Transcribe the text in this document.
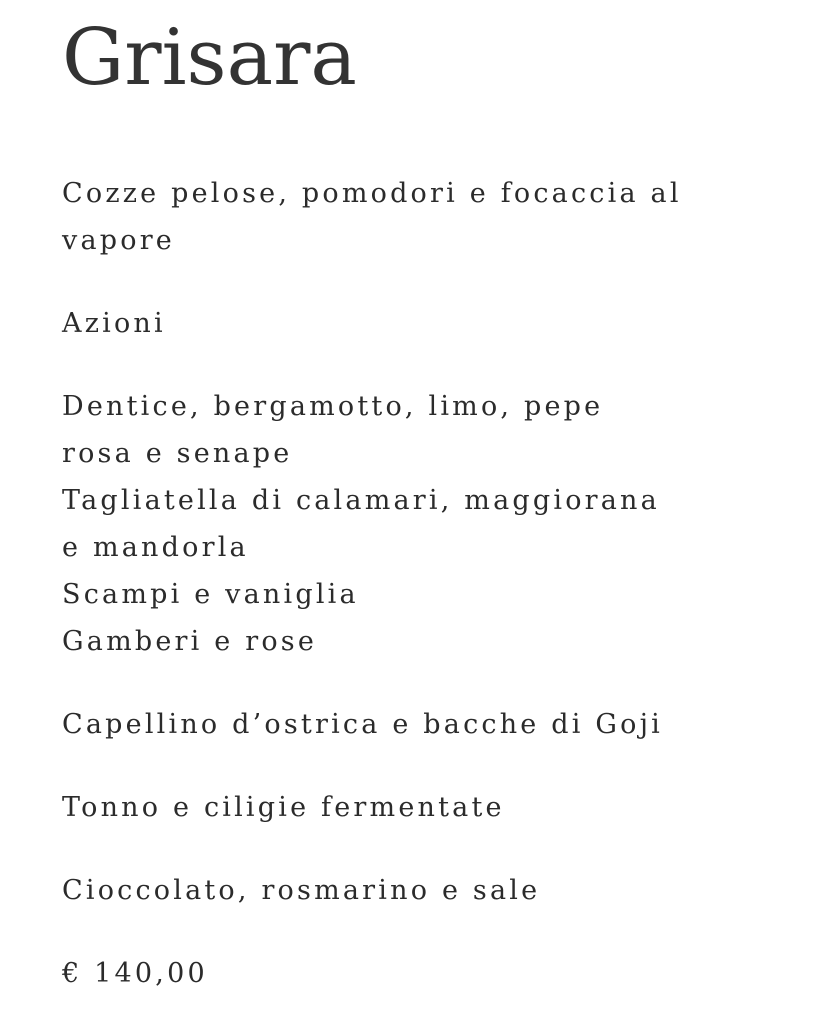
Grisara
Cozze pelose, pomodori e focaccia al vapore
Azioni
Dentice, bergamotto, limo, pepe rosa e senape
Tagliatella di calamari, maggiorana e mandorla
Scampi e vaniglia
Gamberi e rose
Capellino d’ostrica e bacche di Goji
Tonno e ciligie fermentate
Cioccolato, rosmarino e sale
€ 140,00
